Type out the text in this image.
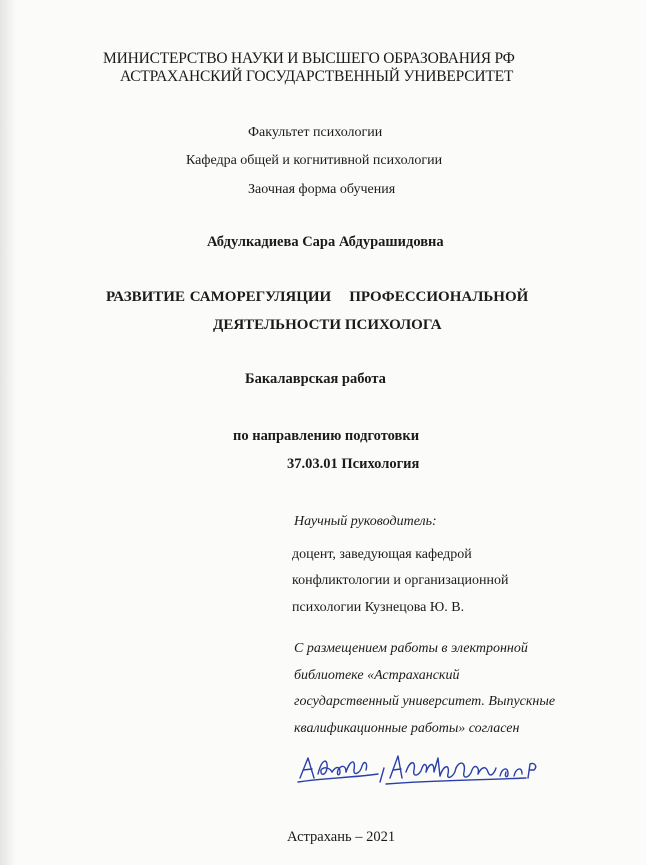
МИНИСТЕРСТВО НАУКИ И ВЫСШЕГО ОБРАЗОВАНИЯ РФ
АСТРАХАНСКИЙ ГОСУДАРСТВЕННЫЙ УНИВЕРСИТЕТ
Факультет психологии
Кафедра общей и когнитивной психологии
Заочная форма обучения
Абдулкадиева Сара Абдурашидовна
РАЗВИТИЕ САМОРЕГУЛЯЦИИ ПРОФЕССИОНАЛЬНОЙ
ДЕЯТЕЛЬНОСТИ ПСИХОЛОГА
Бакалаврская работа
по направлению подготовки
37.03.01 Психология
Научный руководитель:
доцент, заведующая кафедрой
конфликтологии и организационной
психологии Кузнецова Ю. В.
С размещением работы в электронной
библиотеке «Астраханский
государственный университет. Выпускные
квалификационные работы» согласен
Астрахань – 2021
